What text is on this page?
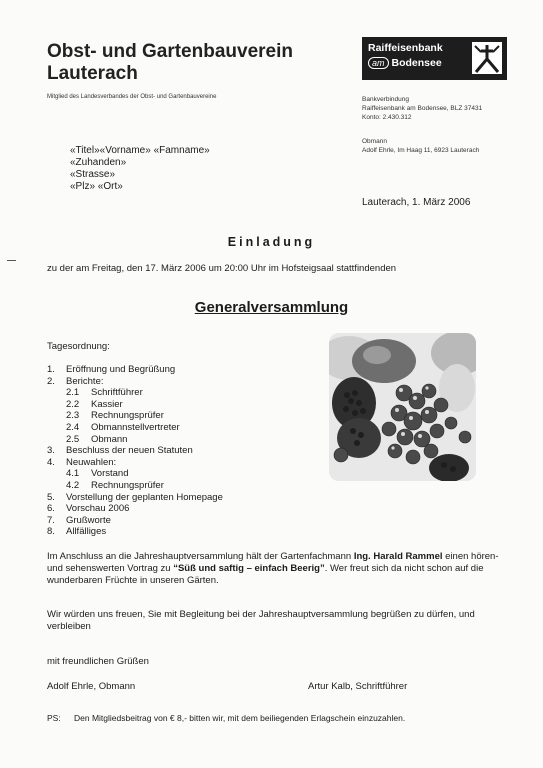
Obst- und Gartenbauverein
Lauterach
Mitglied des Landesverbandes der Obst- und Gartenbauvereine
Raiffeisenbank
am Bodensee
Bankverbindung
Raiffeisenbank am Bodensee, BLZ 37431
Konto: 2.430.312
Obmann
Adolf Ehrle, Im Haag 11, 6923 Lauterach
«Titel»«Vorname» «Famname»
«Zuhanden»
«Strasse»
«Plz» «Ort»
Lauterach, 1. März 2006
Einladung
zu der am Freitag, den 17. März 2006 um 20:00 Uhr im Hofsteigsaal stattfindenden
Generalversammlung
Tagesordnung:
1. Eröffnung und Begrüßung
2. Berichte:
2.1 Schriftführer
2.2 Kassier
2.3 Rechnungsprüfer
2.4 Obmannstellvertreter
2.5 Obmann
3. Beschluss der neuen Statuten
4. Neuwahlen:
4.1 Vorstand
4.2 Rechnungsprüfer
5. Vorstellung der geplanten Homepage
6. Vorschau 2006
7. Grußworte
8. Allfälliges
Im Anschluss an die Jahreshauptversammlung hält der Gartenfachmann Ing. Harald Rammel einen hören- und sehenswerten Vortrag zu “Süß und saftig – einfach Beerig”. Wer freut sich da nicht schon auf die wunderbaren Früchte in unseren Gärten.
Wir würden uns freuen, Sie mit Begleitung bei der Jahreshauptversammlung begrüßen zu dürfen, und verbleiben
mit freundlichen Grüßen
Adolf Ehrle, Obmann	Artur Kalb, Schriftführer
PS: Den Mitgliedsbeitrag von € 8,- bitten wir, mit dem beiliegenden Erlagschein einzuzahlen.
